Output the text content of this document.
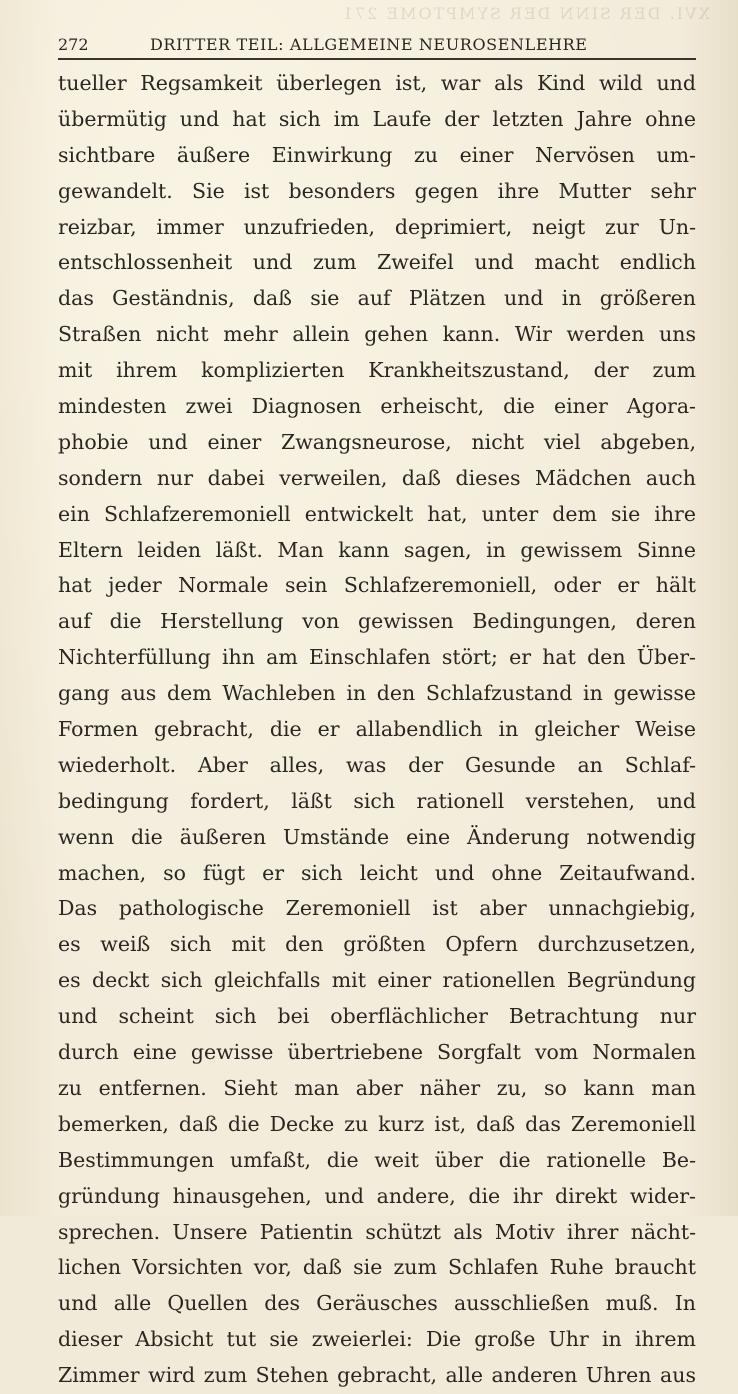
XVI. DER SINN DER SYMPTOME 271
272	DRITTER TEIL: ALLGEMEINE NEUROSENLEHRE
tueller Regsamkeit überlegen ist, war als Kind wild und
übermütig und hat sich im Laufe der letzten Jahre ohne
sichtbare äußere Einwirkung zu einer Nervösen um-
gewandelt. Sie ist besonders gegen ihre Mutter sehr
reizbar, immer unzufrieden, deprimiert, neigt zur Un-
entschlossenheit und zum Zweifel und macht endlich
das Geständnis, daß sie auf Plätzen und in größeren
Straßen nicht mehr allein gehen kann. Wir werden uns
mit ihrem komplizierten Krankheitszustand, der zum
mindesten zwei Diagnosen erheischt, die einer Agora-
phobie und einer Zwangsneurose, nicht viel abgeben,
sondern nur dabei verweilen, daß dieses Mädchen auch
ein Schlafzeremoniell entwickelt hat, unter dem sie ihre
Eltern leiden läßt. Man kann sagen, in gewissem Sinne
hat jeder Normale sein Schlafzeremoniell, oder er hält
auf die Herstellung von gewissen Bedingungen, deren
Nichterfüllung ihn am Einschlafen stört; er hat den Über-
gang aus dem Wachleben in den Schlafzustand in gewisse
Formen gebracht, die er allabendlich in gleicher Weise
wiederholt. Aber alles, was der Gesunde an Schlaf-
bedingung fordert, läßt sich rationell verstehen, und
wenn die äußeren Umstände eine Änderung notwendig
machen, so fügt er sich leicht und ohne Zeitaufwand.
Das pathologische Zeremoniell ist aber unnachgiebig,
es weiß sich mit den größten Opfern durchzusetzen,
es deckt sich gleichfalls mit einer rationellen Begründung
und scheint sich bei oberflächlicher Betrachtung nur
durch eine gewisse übertriebene Sorgfalt vom Normalen
zu entfernen. Sieht man aber näher zu, so kann man
bemerken, daß die Decke zu kurz ist, daß das Zeremoniell
Bestimmungen umfaßt, die weit über die rationelle Be-
gründung hinausgehen, und andere, die ihr direkt wider-
sprechen. Unsere Patientin schützt als Motiv ihrer nächt-
lichen Vorsichten vor, daß sie zum Schlafen Ruhe braucht
und alle Quellen des Geräusches ausschließen muß. In
dieser Absicht tut sie zweierlei: Die große Uhr in ihrem
Zimmer wird zum Stehen gebracht, alle anderen Uhren aus
